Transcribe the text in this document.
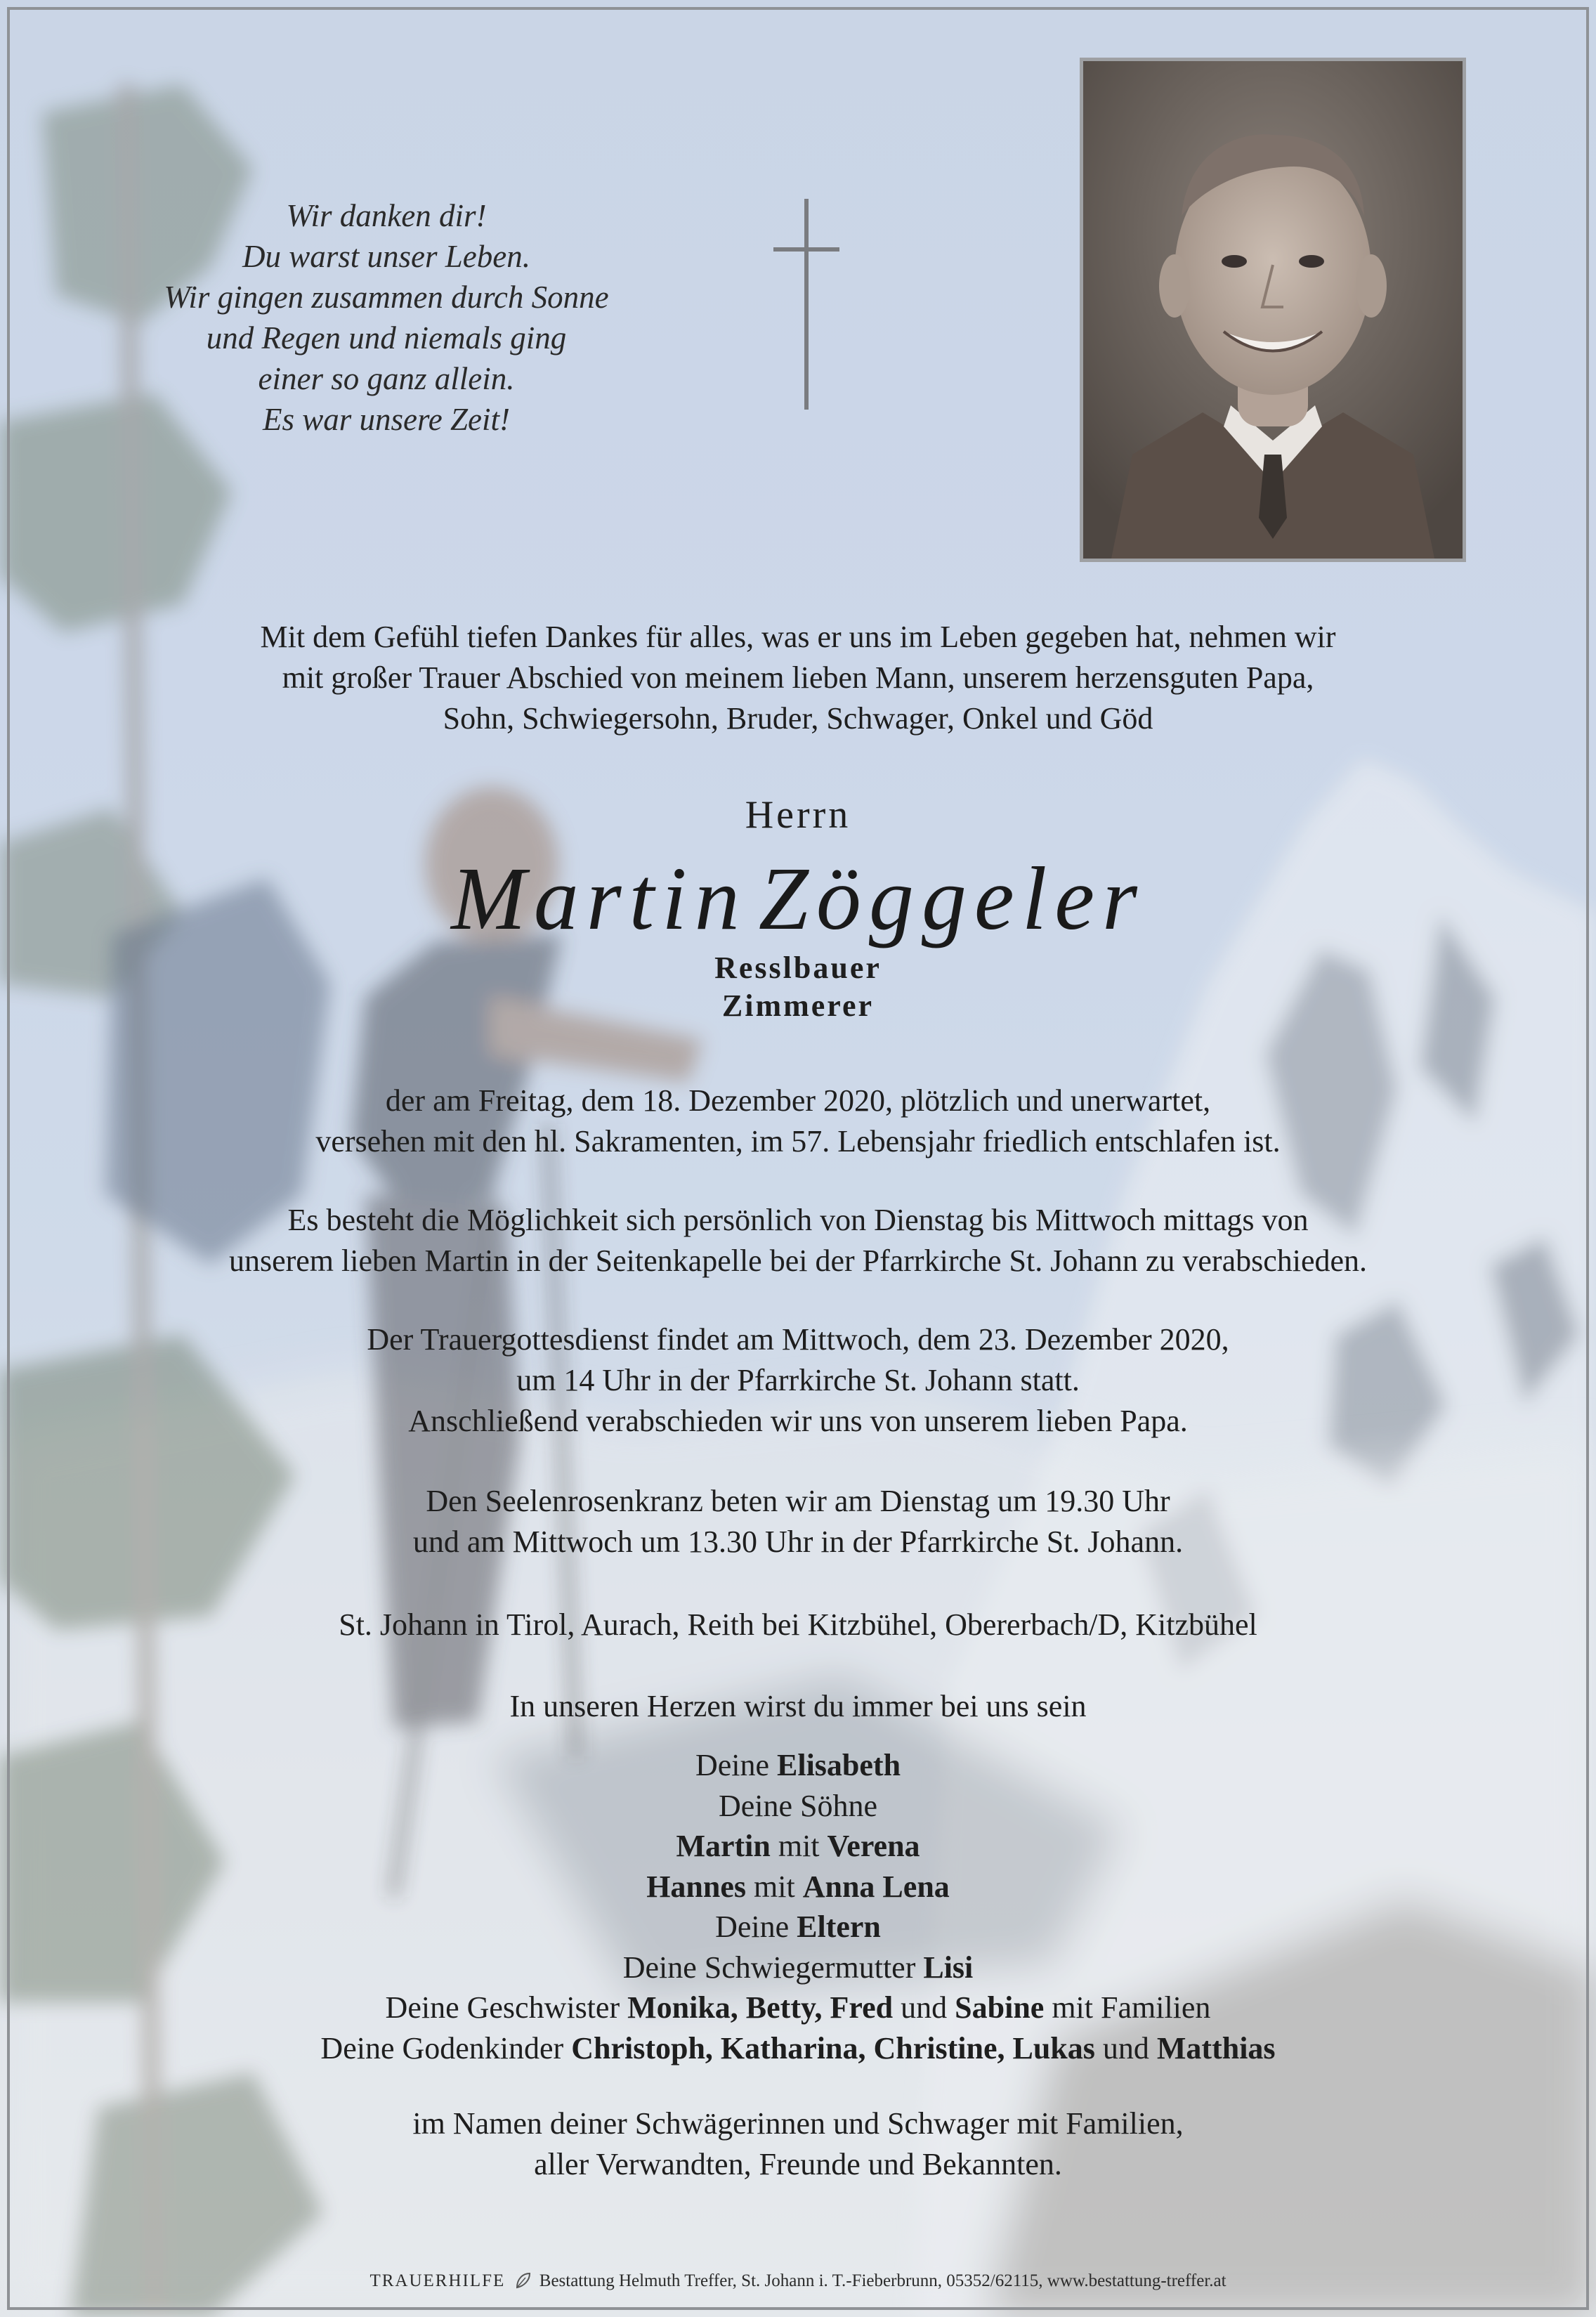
Wir danken dir!
Du warst unser Leben.
Wir gingen zusammen durch Sonne
und Regen und niemals ging
einer so ganz allein.
Es war unsere Zeit!
Mit dem Gefühl tiefen Dankes für alles, was er uns im Leben gegeben hat, nehmen wir
mit großer Trauer Abschied von meinem lieben Mann, unserem herzensguten Papa,
Sohn, Schwiegersohn, Bruder, Schwager, Onkel und Göd
Herrn
Martin Zöggeler
Resslbauer
Zimmerer
der am Freitag, dem 18. Dezember 2020, plötzlich und unerwartet,
versehen mit den hl. Sakramenten, im 57. Lebensjahr friedlich entschlafen ist.
Es besteht die Möglichkeit sich persönlich von Dienstag bis Mittwoch mittags von
unserem lieben Martin in der Seitenkapelle bei der Pfarrkirche St. Johann zu verabschieden.
Der Trauergottesdienst findet am Mittwoch, dem 23. Dezember 2020,
um 14 Uhr in der Pfarrkirche St. Johann statt.
Anschließend verabschieden wir uns von unserem lieben Papa.
Den Seelenrosenkranz beten wir am Dienstag um 19.30 Uhr
und am Mittwoch um 13.30 Uhr in der Pfarrkirche St. Johann.
St. Johann in Tirol, Aurach, Reith bei Kitzbühel, Obererbach/D, Kitzbühel
In unseren Herzen wirst du immer bei uns sein
Deine Elisabeth
Deine Söhne
Martin mit Verena
Hannes mit Anna Lena
Deine Eltern
Deine Schwiegermutter Lisi
Deine Geschwister Monika, Betty, Fred und Sabine mit Familien
Deine Godenkinder Christoph, Katharina, Christine, Lukas und Matthias
im Namen deiner Schwägerinnen und Schwager mit Familien,
aller Verwandten, Freunde und Bekannten.
TRAUERHILFE Bestattung Helmuth Treffer, St. Johann i. T.-Fieberbrunn, 05352/62115, www.bestattung-treffer.at
